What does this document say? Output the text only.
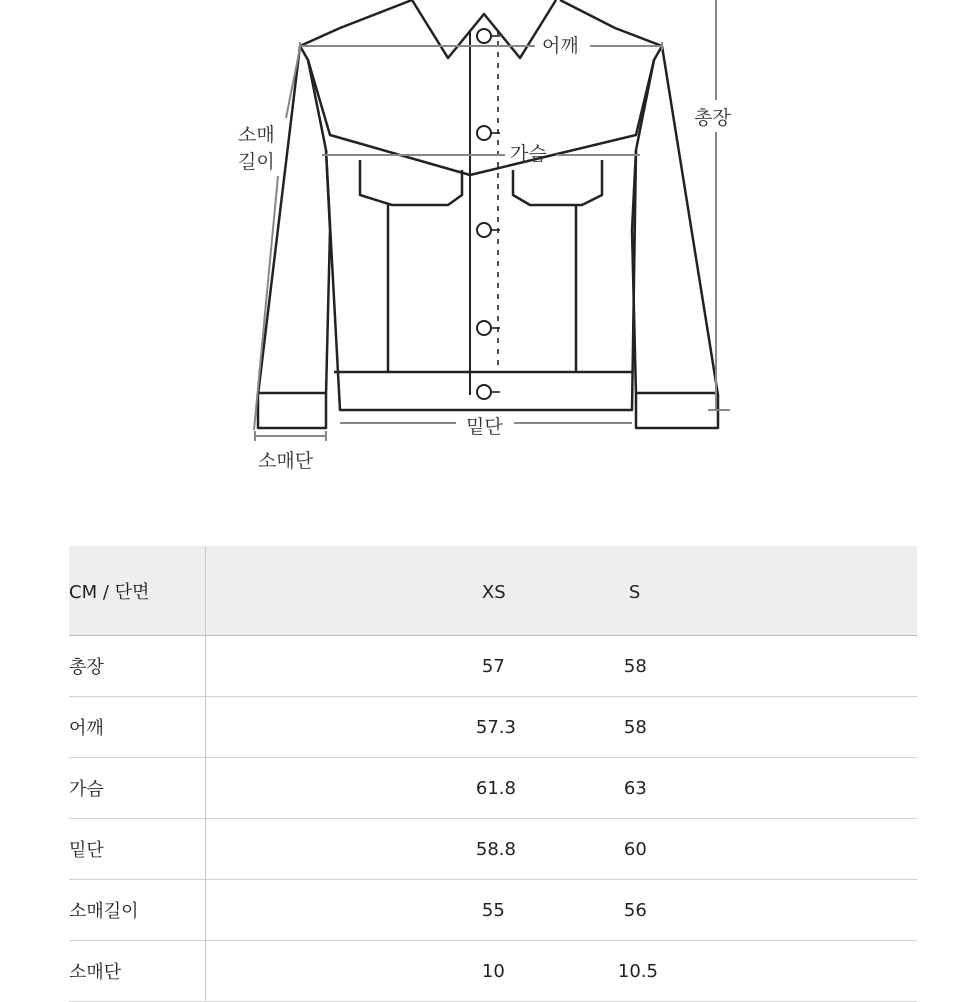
어깨
총장
소매
길이	가슴
밑단
소매단
CM / 단면	XS S

총장	57 58

어깨	57.3 58

가슴	61.8 63

밑단	58.8 60

소매길이	55 56

소매단	10 10.5
